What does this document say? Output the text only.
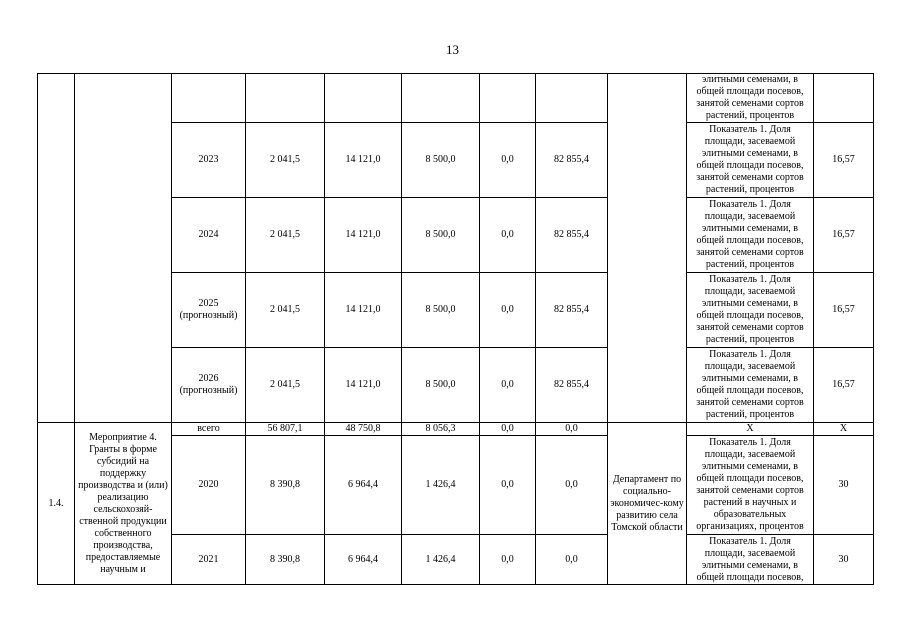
13
									элитными семенами, в общей площади посевов, занятой семенами сортов растений, процентов	
		2023	2 041,5	14 121,0	8 500,0	0,0	82 855,4		Показатель 1. Доля площади, засеваемой элитными семенами, в общей площади посевов, занятой семенами сортов растений, процентов	16,57
		2024	2 041,5	14 121,0	8 500,0	0,0	82 855,4		Показатель 1. Доля площади, засеваемой элитными семенами, в общей площади посевов, занятой семенами сортов растений, процентов	16,57
		2025 (прогнозный)	2 041,5	14 121,0	8 500,0	0,0	82 855,4		Показатель 1. Доля площади, засеваемой элитными семенами, в общей площади посевов, занятой семенами сортов растений, процентов	16,57
		2026 (прогнозный)	2 041,5	14 121,0	8 500,0	0,0	82 855,4		Показатель 1. Доля площади, засеваемой элитными семенами, в общей площади посевов, занятой семенами сортов растений, процентов	16,57
1.4.	Мероприятие 4. Гранты в форме субсидий на поддержку производства и (или) реализацию сельскохозяй-ственной продукции собственного производства, предоставляемые научным и	всего	56 807,1	48 750,8	8 056,3	0,0	0,0	Департамент по социально-экономичес-кому развитию села Томской области	Х	Х
		2020	8 390,8	6 964,4	1 426,4	0,0	0,0		Показатель 1. Доля площади, засеваемой элитными семенами, в общей площади посевов, занятой семенами сортов растений в научных и образовательных организациях, процентов	30
		2021	8 390,8	6 964,4	1 426,4	0,0	0,0		Показатель 1. Доля площади, засеваемой элитными семенами, в общей площади посевов,	30
